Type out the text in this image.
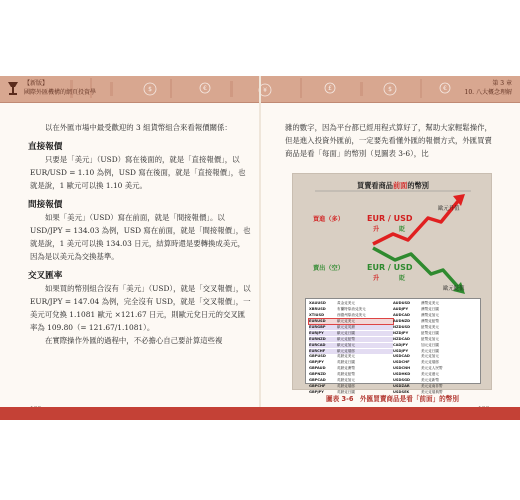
$	€	¥	£	$	€
【新版】
國際外匯機構的網頁投資學
第 3 章
10. 八大概念理解

以在外匯市場中最受歡迎的 3 組貨幣組合來看報價關係：

直接報價

只要是「美元」（USD）寫在後面的，就是「直接報價」，以 EUR/USD = 1.10 為例，USD 寫在後面，就是「直接報價」，也就是說，1 歐元可以換 1.10 美元。

間接報價

如果「美元」（USD）寫在前面，就是「間接報價」。以 USD/JPY = 134.03 為例，USD 寫在前面，就是「間接報價」，也就是說，1 美元可以換 134.03 日元，結算時還是要轉換成美元，因為是以美元為交換基準。

交叉匯率

如果買的幣別組合沒有「美元」（USD），就是「交叉報價」，以 EUR/JPY = 147.04 為例，完全沒有 USD，就是「交叉報價」，一美元可兌換 1.1081 歐元 ×121.67 日元，則歐元兌日元的交叉匯率為 109.80（= 121.67/1.1081）。

在實際操作外匯的過程中，不必擔心自己要計算這些複

雜的數字，因為平台都已經用程式算好了，幫助大家輕鬆操作，但是進入投資外匯前，一定要先看懂外匯的報價方式，外匯買賣商品是看「每面」的幣別（見圖表 3-6），比

買賣看商品前面的幣別
買進（多）	EUR / USD
升	貶
歐元升值
賣出（空）	EUR / USD
升	貶
歐元貶值
XAUUSD	黃金兌美元	AUDUSD	澳幣兌美元
XBRUSD	布蘭特原油兌美元	AUDJPY	澳幣兌日圓
XTIUSD	西德州原油兌美元	AUDCAD	澳幣兌加元
EURUSD	歐元兌美元	AUDNZD	澳幣兌紐幣
EURGBP	歐元兌英鎊	NZDUSD	紐幣兌美元
EURJPY	歐元兌日圓	NZDJPY	紐幣兌日圓
EURNZD	歐元兌紐幣	NZDCAD	紐幣兌加元
EURCAD	歐元兌加元	CADJPY	加元兌日圓
EURCHF	歐元兌瑞郎	USDJPY	美元兌日圓
GBPUSD	英鎊兌美元	USDCAD	美元兌加元
GBPJPY	英鎊兌日圓	USDCHF	美元兌瑞郎
GBPAUD	英鎊兌澳幣	USDCNH	美元兌人民幣
GBPNZD	英鎊兌紐幣	USDHKD	美元兌港元
GBPCAD	英鎊兌加元	USDSGD	美元兌新幣
GBPCHF	英鎊兌瑞郎	USDZAR	美元兌南非幣
GBPJPY	英鎊兌日圓	USDSEK	美元兌瑞典幣
圖表 3-6　外匯買賣商品是看「前面」的幣別
